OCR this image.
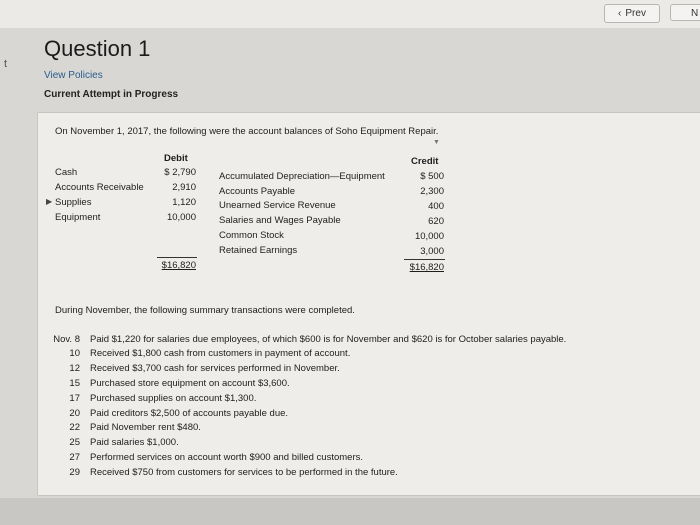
‹ Prev	N
t
Question 1
View Policies
Current Attempt in Progress
On November 1, 2017, the following were the account balances of Soho Equipment Repair.
▼
Debit
Cash
Accounts Receivable
▶ Supplies
Equipment
$ 2,790
2,910
1,120
10,000
$16,820
Credit
Accumulated Depreciation—Equipment
Accounts Payable
Unearned Service Revenue
Salaries and Wages Payable
Common Stock
Retained Earnings
$ 500
2,300
400
620
10,000
3,000
$16,820
During November, the following summary transactions were completed.
Nov. 8 Paid $1,220 for salaries due employees, of which $600 is for November and $620 is for October salaries payable.
10 Received $1,800 cash from customers in payment of account.
12 Received $3,700 cash for services performed in November.
15 Purchased store equipment on account $3,600.
17 Purchased supplies on account $1,300.
20 Paid creditors $2,500 of accounts payable due.
22 Paid November rent $480.
25 Paid salaries $1,000.
27 Performed services on account worth $900 and billed customers.
29 Received $750 from customers for services to be performed in the future.
